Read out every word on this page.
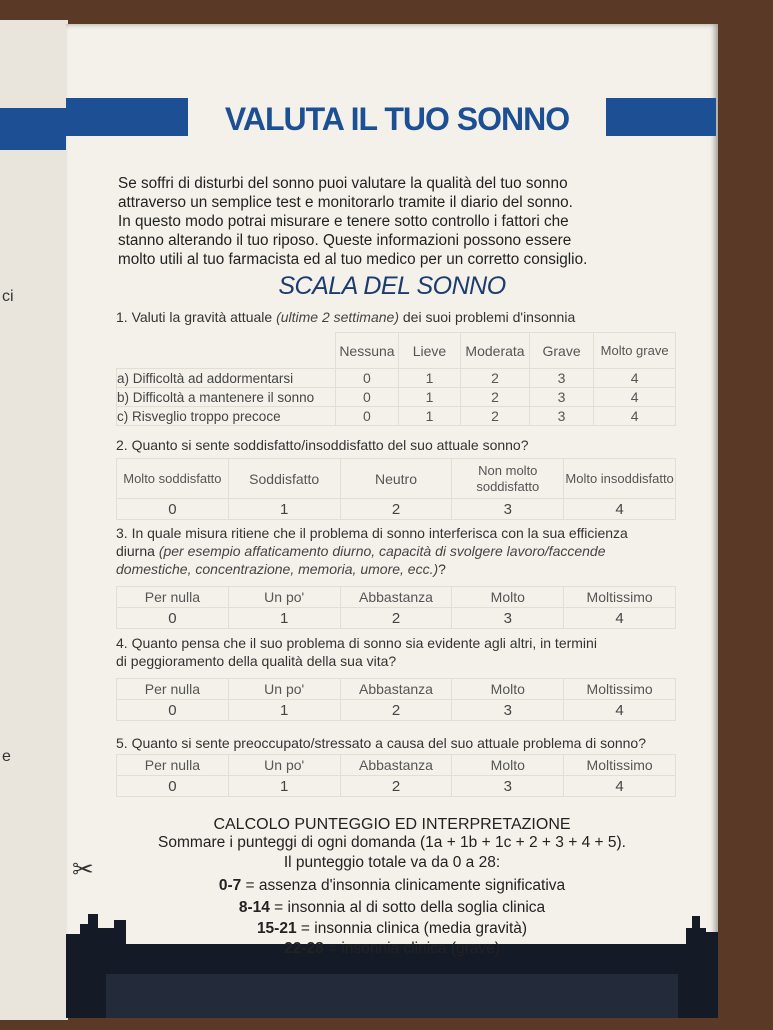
ci
e
VALUTA IL TUO SONNO
Se soffri di disturbi del sonno puoi valutare la qualità del tuo sonno
attraverso un semplice test e monitorarlo tramite il diario del sonno.
In questo modo potrai misurare e tenere sotto controllo i fattori che
stanno alterando il tuo riposo. Queste informazioni possono essere
molto utili al tuo farmacista ed al tuo medico per un corretto consiglio.
SCALA DEL SONNO
1. Valuti la gravità attuale (ultime 2 settimane) dei suoi problemi d'insonnia
	Nessuna	Lieve	Moderata	Grave	Molto grave
a) Difficoltà ad addormentarsi	0	1	2	3	4
b) Difficoltà a mantenere il sonno	0	1	2	3	4
c) Risveglio troppo precoce	0	1	2	3	4
2. Quanto si sente soddisfatto/insoddisfatto del suo attuale sonno?
Molto soddisfatto	Soddisfatto	Neutro	Non molto soddisfatto	Molto insoddisfatto
0	1	2	3	4
3. In quale misura ritiene che il problema di sonno interferisca con la sua efficienza
diurna (per esempio affaticamento diurno, capacità di svolgere lavoro/faccende
domestiche, concentrazione, memoria, umore, ecc.)?
Per nulla	Un po'	Abbastanza	Molto	Moltissimo
0	1	2	3	4
4. Quanto pensa che il suo problema di sonno sia evidente agli altri, in termini
di peggioramento della qualità della sua vita?
Per nulla	Un po'	Abbastanza	Molto	Moltissimo
0	1	2	3	4
5. Quanto si sente preoccupato/stressato a causa del suo attuale problema di sonno?
Per nulla	Un po'	Abbastanza	Molto	Moltissimo
0	1	2	3	4
✂
CALCOLO PUNTEGGIO ED INTERPRETAZIONE
Sommare i punteggi di ogni domanda (1a + 1b + 1c + 2 + 3 + 4 + 5).
Il punteggio totale va da 0 a 28:
0-7 = assenza d'insonnia clinicamente significativa
8-14 = insonnia al di sotto della soglia clinica
15-21 = insonnia clinica (media gravità)
22-28 = insonnia clinica (grave)
